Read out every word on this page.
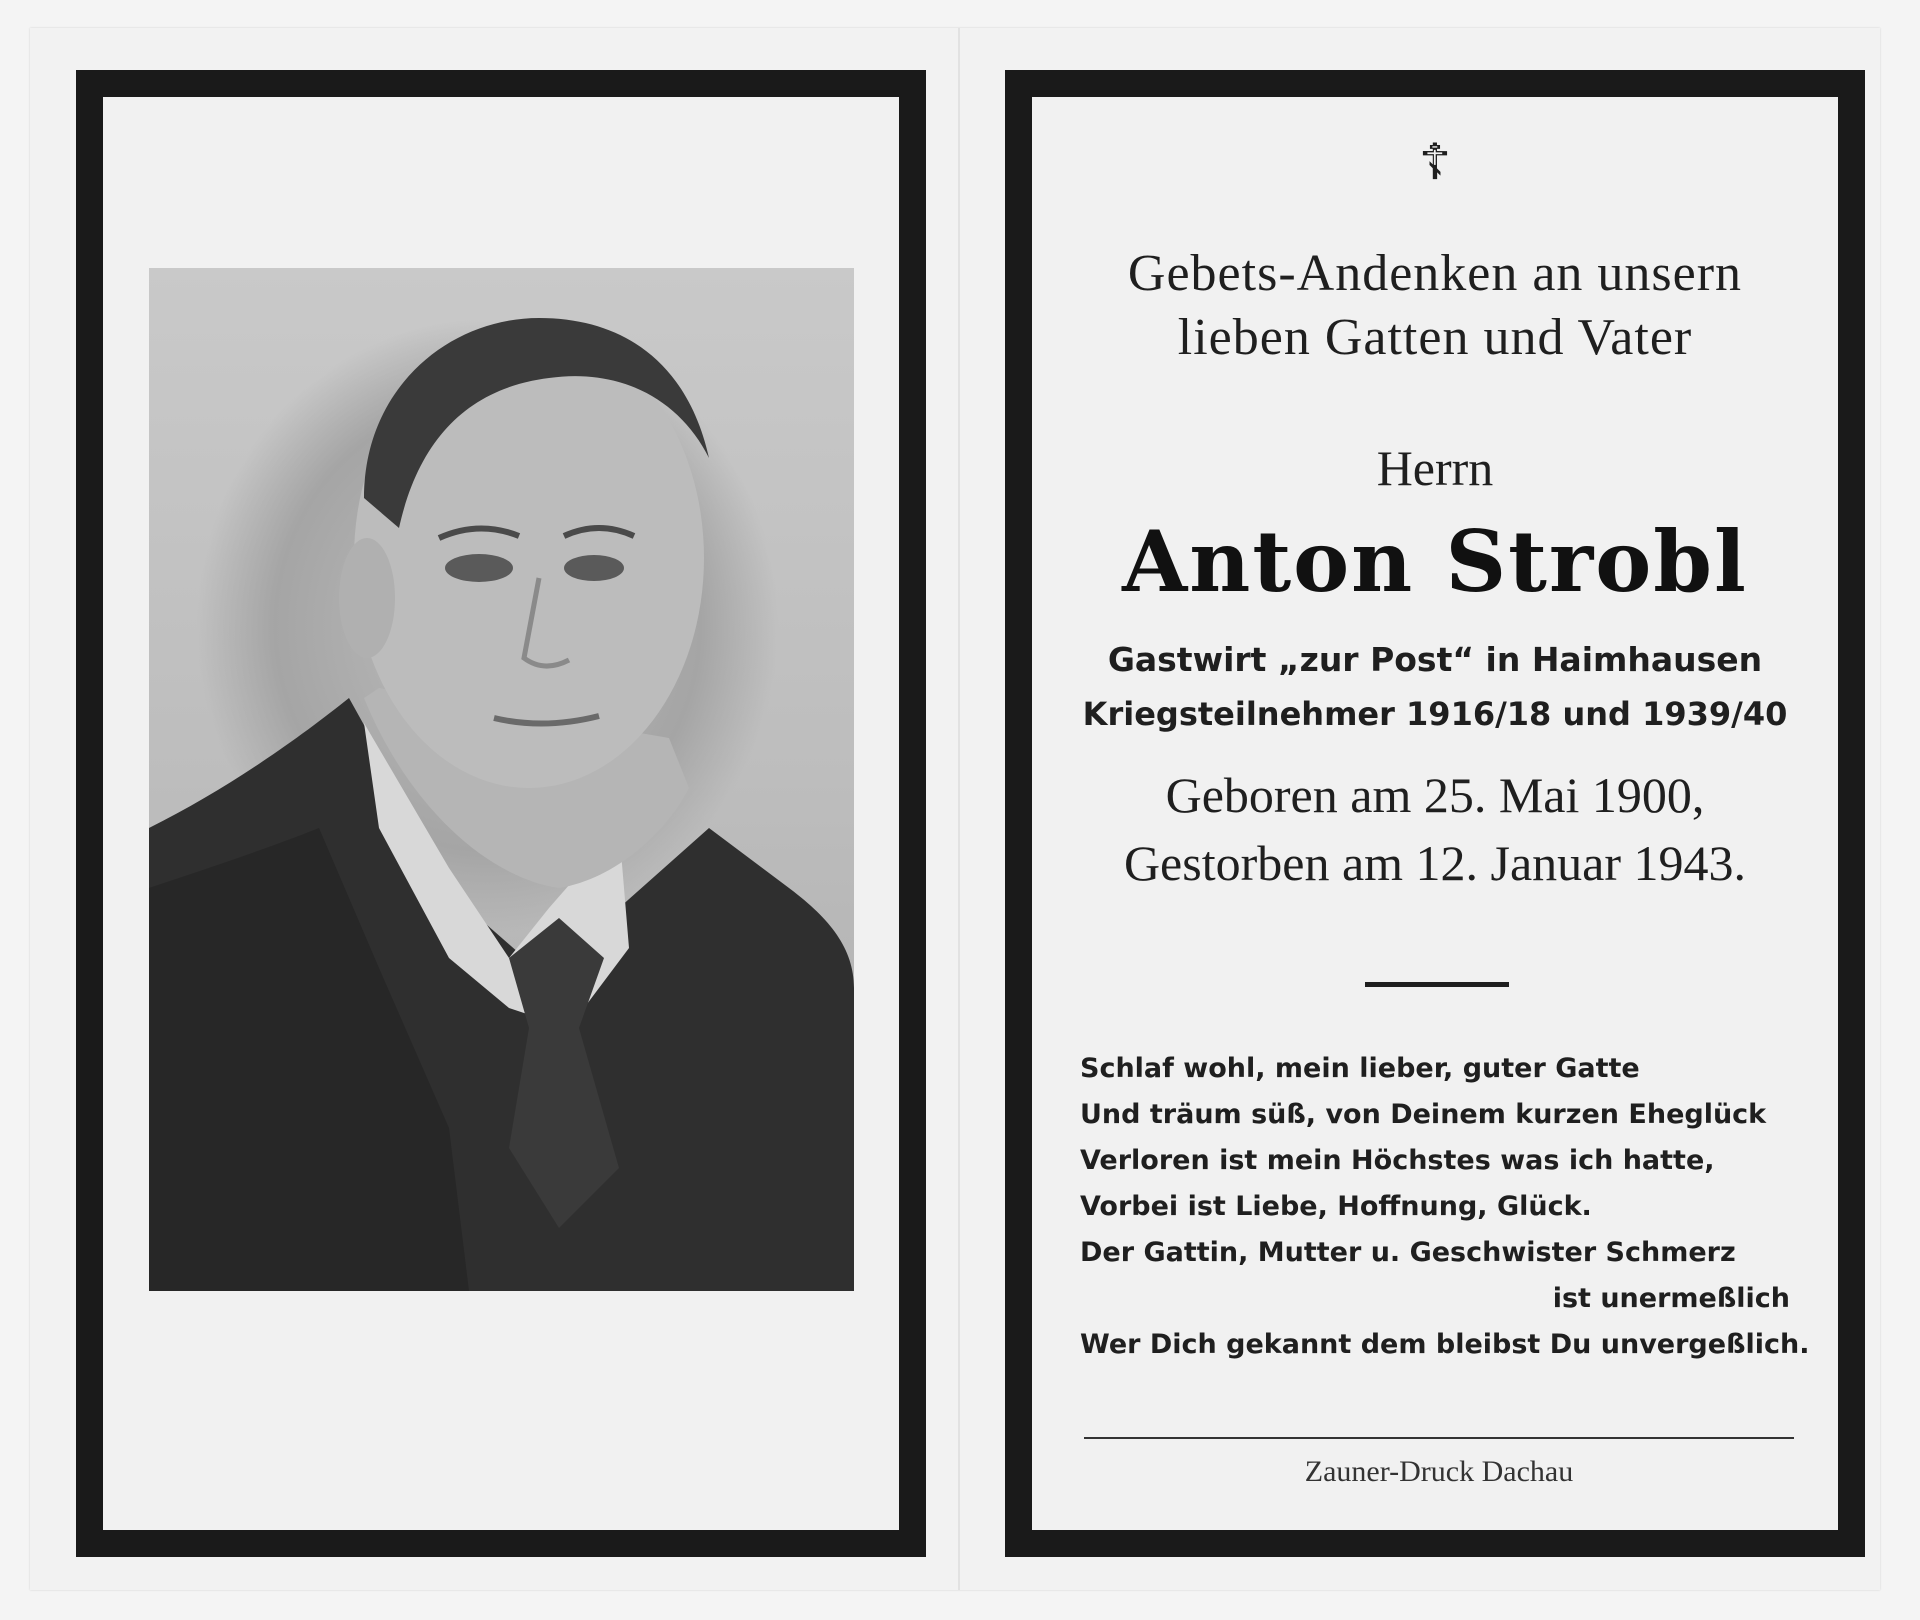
☦
Gebets-Andenken an unsern
lieben Gatten und Vater
Herrn
Anton Strobl
Gastwirt „zur Post“ in Haimhausen
Kriegsteilnehmer 1916/18 und 1939/40
Geboren am 25. Mai 1900,
Gestorben am 12. Januar 1943.
Schlaf wohl, mein lieber, guter Gatte
Und träum süß, von Deinem kurzen Eheglück
Verloren ist mein Höchstes was ich hatte,
Vorbei ist Liebe, Hoffnung, Glück.
Der Gattin, Mutter u. Geschwister Schmerz
ist unermeßlich
Wer Dich gekannt dem bleibst Du unvergeßlich.
Zauner-Druck Dachau
